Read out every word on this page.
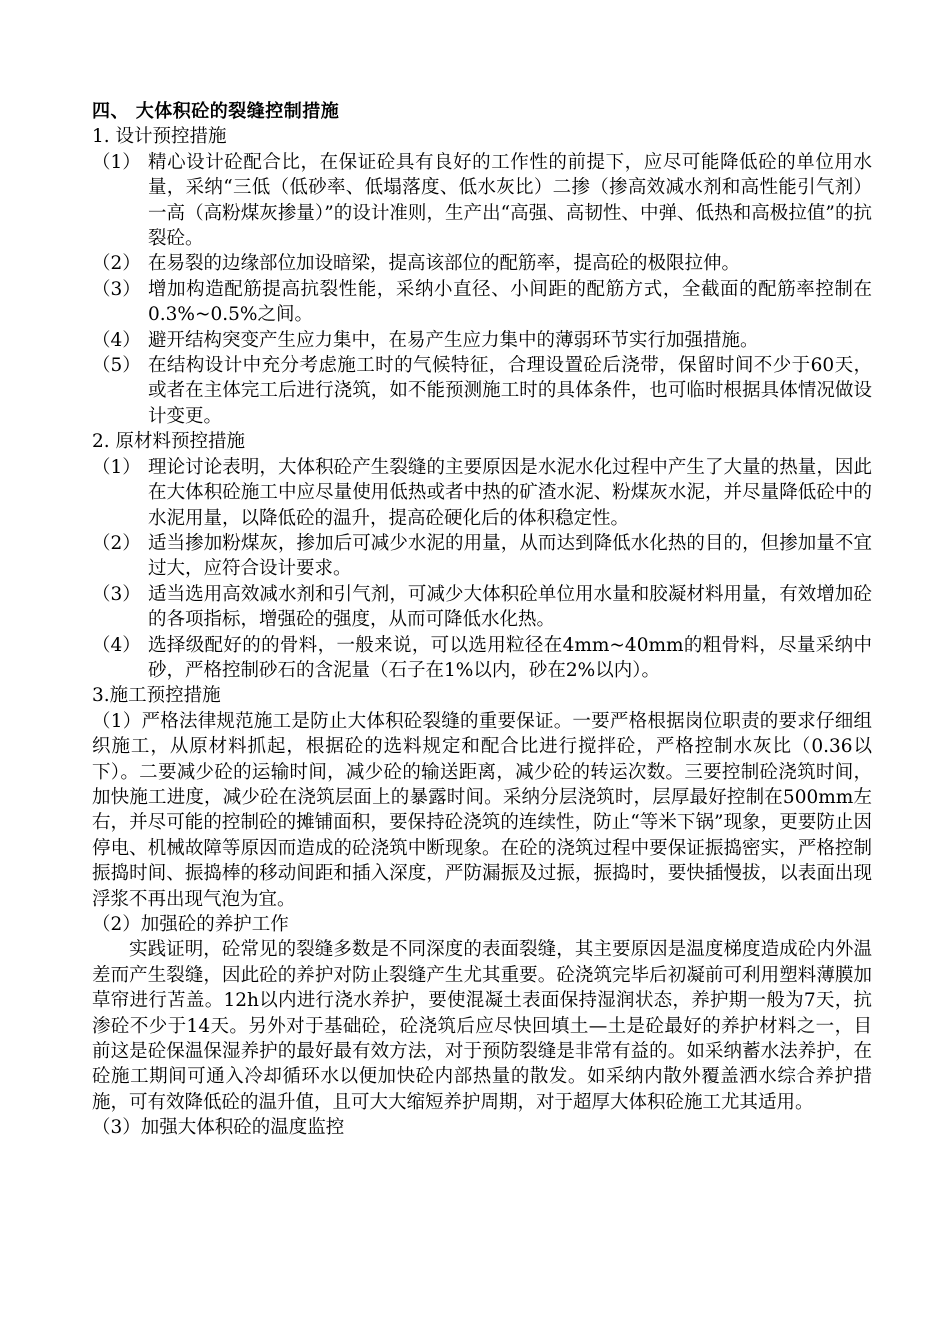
四、 大体积砼的裂缝控制措施
1. 设计预控措施
（1） 精心设计砼配合比，在保证砼具有良好的工作性的前提下，应尽可能降低砼的单位用水量，采纳“三低（低砂率、低塌落度、低水灰比）二掺（掺高效减水剂和高性能引气剂）一高（高粉煤灰掺量）”的设计准则，生产出“高强、高韧性、中弹、低热和高极拉值”的抗裂砼。
（2） 在易裂的边缘部位加设暗梁，提高该部位的配筋率，提高砼的极限拉伸。
（3） 增加构造配筋提高抗裂性能，采纳小直径、小间距的配筋方式，全截面的配筋率控制在0.3%~0.5%之间。
（4） 避开结构突变产生应力集中，在易产生应力集中的薄弱环节实行加强措施。
（5） 在结构设计中充分考虑施工时的气候特征，合理设置砼后浇带，保留时间不少于60天，或者在主体完工后进行浇筑，如不能预测施工时的具体条件，也可临时根据具体情况做设计变更。
2. 原材料预控措施
（1） 理论讨论表明，大体积砼产生裂缝的主要原因是水泥水化过程中产生了大量的热量，因此在大体积砼施工中应尽量使用低热或者中热的矿渣水泥、粉煤灰水泥，并尽量降低砼中的水泥用量，以降低砼的温升，提高砼硬化后的体积稳定性。
（2） 适当掺加粉煤灰，掺加后可减少水泥的用量，从而达到降低水化热的目的，但掺加量不宜过大，应符合设计要求。
（3） 适当选用高效减水剂和引气剂，可减少大体积砼单位用水量和胶凝材料用量，有效增加砼的各项指标，增强砼的强度，从而可降低水化热。
（4） 选择级配好的的骨料，一般来说，可以选用粒径在4mm~40mm的粗骨料，尽量采纳中砂，严格控制砂石的含泥量（石子在1%以内，砂在2%以内）。
3.施工预控措施
（1）严格法律规范施工是防止大体积砼裂缝的重要保证。一要严格根据岗位职责的要求仔细组织施工，从原材料抓起，根据砼的选料规定和配合比进行搅拌砼，严格控制水灰比（0.36以下）。二要减少砼的运输时间，减少砼的输送距离，减少砼的转运次数。三要控制砼浇筑时间，加快施工进度，减少砼在浇筑层面上的暴露时间。采纳分层浇筑时，层厚最好控制在500mm左右，并尽可能的控制砼的摊铺面积，要保持砼浇筑的连续性，防止“等米下锅”现象，更要防止因停电、机械故障等原因而造成的砼浇筑中断现象。在砼的浇筑过程中要保证振捣密实，严格控制振捣时间、振捣棒的移动间距和插入深度，严防漏振及过振，振捣时，要快插慢拔，以表面出现浮浆不再出现气泡为宜。
（2）加强砼的养护工作
实践证明，砼常见的裂缝多数是不同深度的表面裂缝，其主要原因是温度梯度造成砼内外温差而产生裂缝，因此砼的养护对防止裂缝产生尤其重要。砼浇筑完毕后初凝前可利用塑料薄膜加草帘进行苫盖。12h以内进行浇水养护，要使混凝土表面保持湿润状态，养护期一般为7天，抗渗砼不少于14天。另外对于基础砼，砼浇筑后应尽快回填土—土是砼最好的养护材料之一，目前这是砼保温保湿养护的最好最有效方法，对于预防裂缝是非常有益的。如采纳蓄水法养护，在砼施工期间可通入冷却循环水以便加快砼内部热量的散发。如采纳内散外覆盖洒水综合养护措施，可有效降低砼的温升值，且可大大缩短养护周期，对于超厚大体积砼施工尤其适用。
（3）加强大体积砼的温度监控
